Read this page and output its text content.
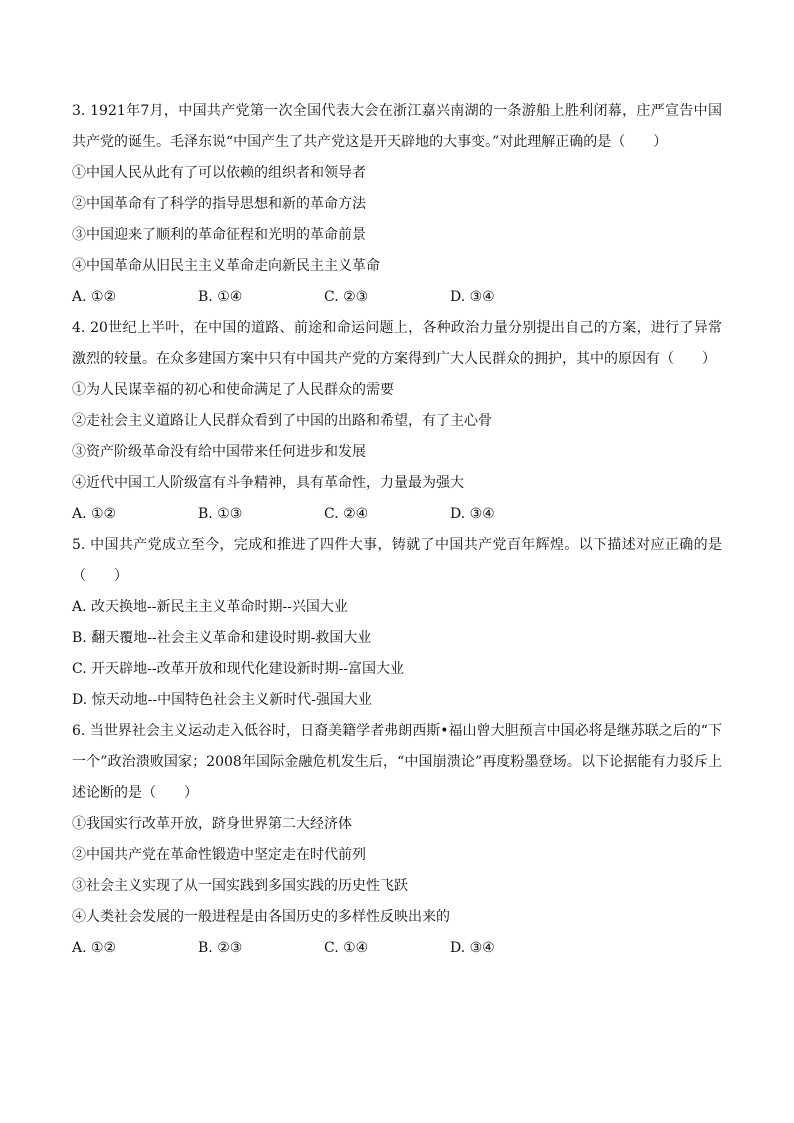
3. 1921年7月，中国共产党第一次全国代表大会在浙江嘉兴南湖的一条游船上胜利闭幕，庄严宣告中国共产党的诞生。毛泽东说“中国产生了共产党这是开天辟地的大事变。”对此理解正确的是（　　）

①中国人民从此有了可以依赖的组织者和领导者

②中国革命有了科学的指导思想和新的革命方法

③中国迎来了顺利的革命征程和光明的革命前景

④中国革命从旧民主主义革命走向新民主主义革命

A. ①②	B. ①④	C. ②③	D. ③④

4. 20世纪上半叶，在中国的道路、前途和命运问题上，各种政治力量分别提出自己的方案，进行了异常激烈的较量。在众多建国方案中只有中国共产党的方案得到广大人民群众的拥护，其中的原因有（　　）

①为人民谋幸福的初心和使命满足了人民群众的需要

②走社会主义道路让人民群众看到了中国的出路和希望，有了主心骨

③资产阶级革命没有给中国带来任何进步和发展

④近代中国工人阶级富有斗争精神，具有革命性，力量最为强大

A. ①②	B. ①③	C. ②④	D. ③④

5. 中国共产党成立至今，完成和推进了四件大事，铸就了中国共产党百年辉煌。以下描述对应正确的是（　　）

A. 改天换地--新民主主义革命时期--兴国大业

B. 翻天覆地--社会主义革命和建设时期-救国大业

C. 开天辟地--改革开放和现代化建设新时期--富国大业

D. 惊天动地--中国特色社会主义新时代-强国大业

6. 当世界社会主义运动走入低谷时，日裔美籍学者弗朗西斯•福山曾大胆预言中国必将是继苏联之后的“下一个”政治溃败国家；2008年国际金融危机发生后，“中国崩溃论”再度粉墨登场。以下论据能有力驳斥上述论断的是（　　）

①我国实行改革开放，跻身世界第二大经济体

②中国共产党在革命性锻造中坚定走在时代前列

③社会主义实现了从一国实践到多国实践的历史性飞跃

④人类社会发展的一般进程是由各国历史的多样性反映出来的

A. ①②	B. ②③	C. ①④	D. ③④
